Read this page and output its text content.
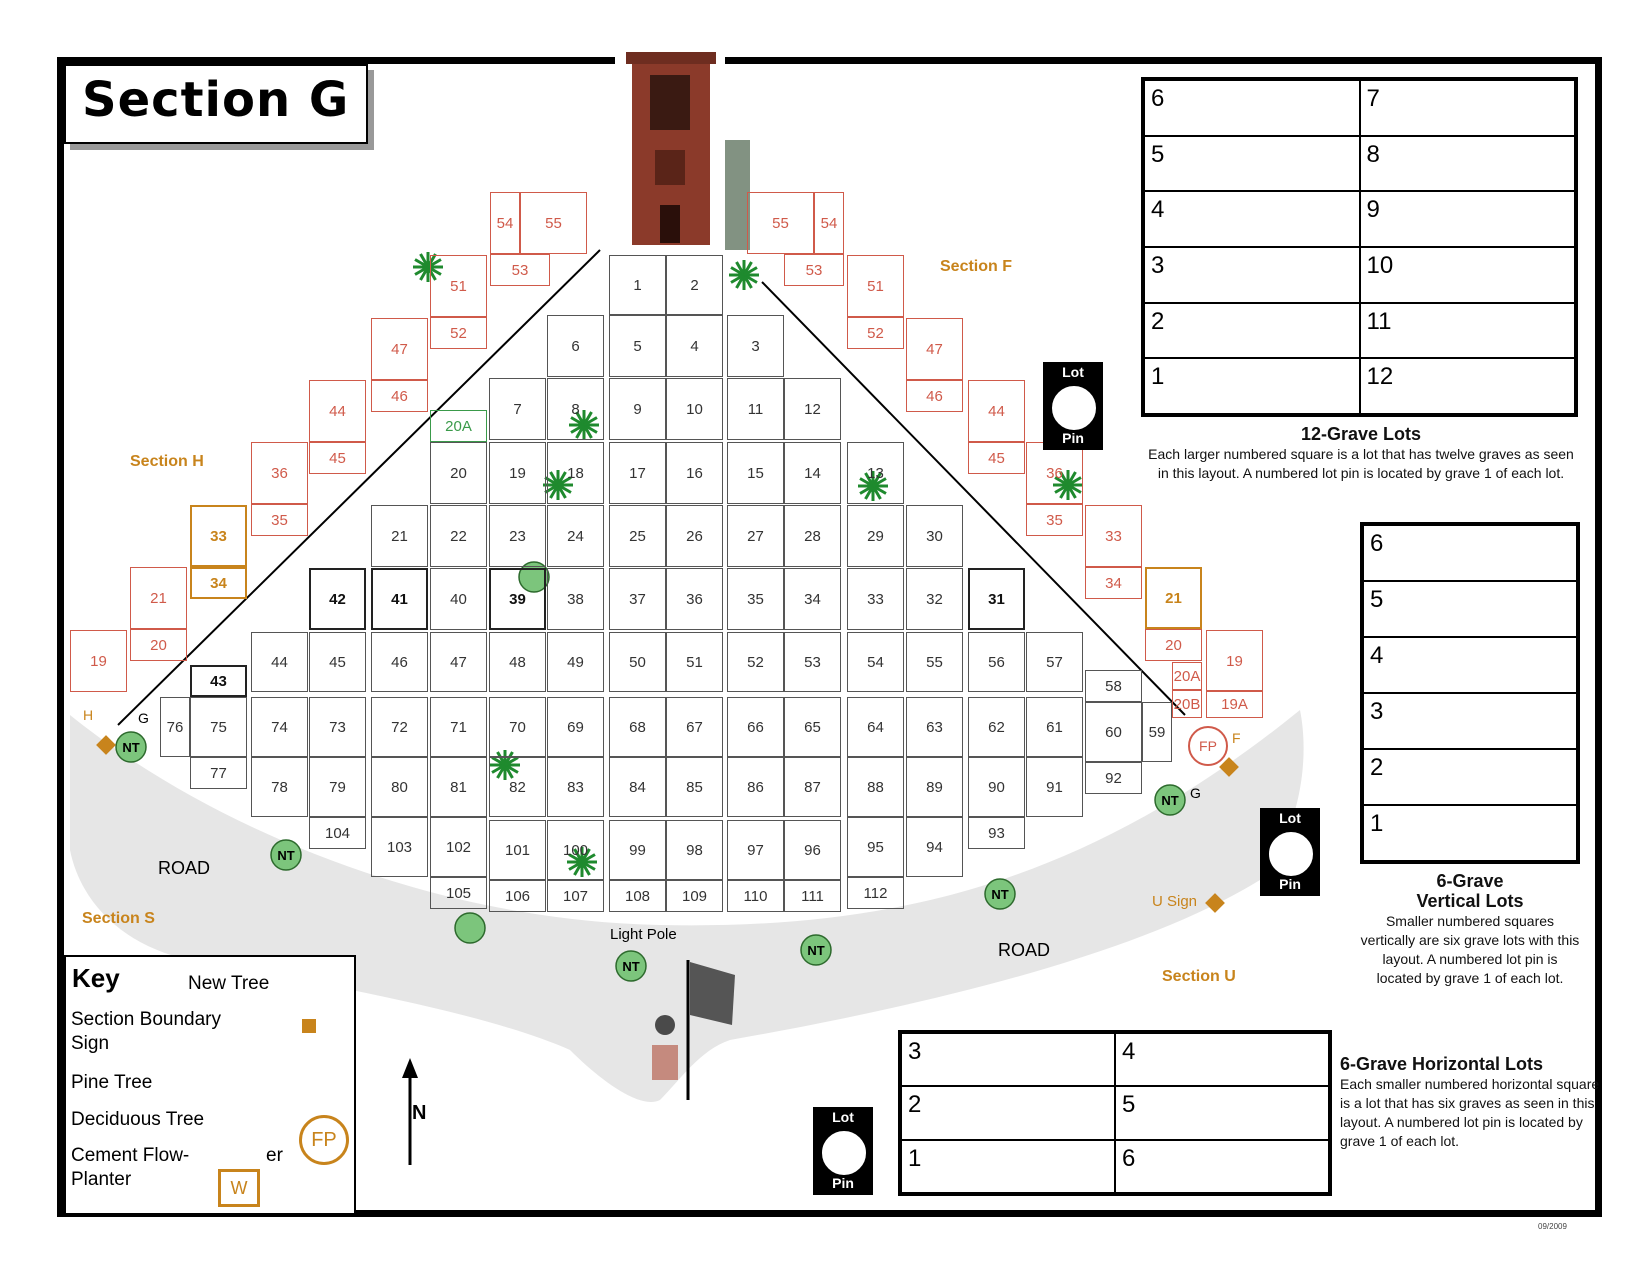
NT
NT
NT
NT
NT
NT
Section G
1	2
6	5	4	3
7	8	9	10	11	12
20A
20	19	18	17	16	15	14	13
21	22	23	24	25	26	27	28	29	30
42	41	40	39	38	37	36	35	34	33	32	31
44	45	46	47	48	49	50	51	52	53	54	55	56	57
43	58
76	75	74	73	72	71	70	69	68	67	66	65	64	63	62	61	60	59
77
78	79	80	81	82	83	84	85	86	87	88	89	90	91
92
104	93
103	102	101	100	99	98	97	96	95	94
105	106	107	108	109	110	111	112
54	55
53
51
52
47
46
44
45
36
35
33
34
21
20
19
55	54
53
51
52
47
46
44
45
36
35
33
34
21
20
19
20A
20B	19A
Section H
Section F
Section S
Section U
ROAD
ROAD
Light Pole
U Sign
N
H	G
F
G
FP
09/2009
6	7
5	8
4	9
3	10
2	11
1	12
12-Grave Lots
Each larger numbered square is a lot that has twelve graves as seen in this layout. A numbered lot pin is located by grave 1 of each lot.
Lot
Pin
6
5
4
3
2
1
6-Grave
Vertical Lots
Smaller numbered squares vertically are six grave lots with this layout. A numbered lot pin is located by grave 1 of each lot.
Lot
Pin
3	4
2	5
1	6
6-Grave Horizontal Lots
Each smaller numbered horizontal square is a lot that has six graves as seen in this layout. A numbered lot pin is located by grave 1 of each lot.
Lot
Pin
Key	New Tree
Section Boundary
Sign
Pine Tree
Deciduous Tree
Cement Flow-	er
Planter
FP
W
